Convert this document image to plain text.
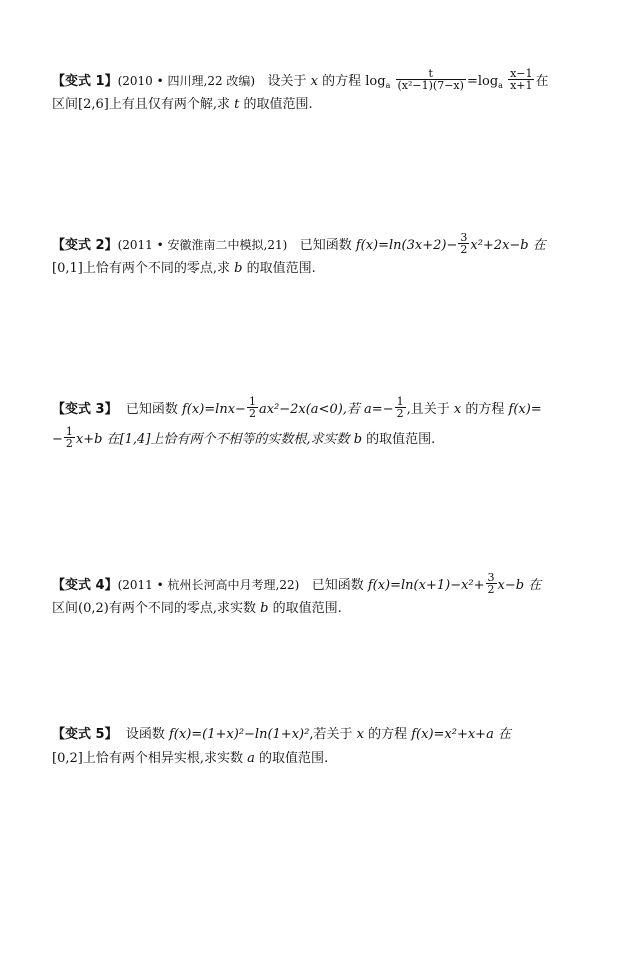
【变式 1】(2010 • 四川理,22 改编) 设关于 x 的方程 $\log_a \frac{t}{\text{(x²−1)(7−x)}} =\log_a \frac{x-1}{x+1}$ 在
区间[2,6]上有且仅有两个解,求 t 的取值范围.
【变式 2】(2011 • 安徽淮南二中模拟,21) 已知函数 $f(x)=\ln(3x+2)- \frac{3}{2} x^2+2x-b$ 在
[0,1]上恰有两个不同的零点,求 b 的取值范围.
【变式 3】 已知函数 $f(x)=\ln x- \frac{1}{2} ax^2-2x(a<0)$,若 $a=- \frac{1}{2}$ ,且关于 x 的方程 f(x)=
− $\frac{1}{2} x+b$ 在[1,4]上恰有两个不相等的实数根,求实数 b 的取值范围.
【变式 4】(2011 • 杭州长河高中月考理,22) 已知函数 $f(x)=\ln(x+1)-x^2+ \frac{3}{2} x-b$ 在
区间(0,2)有两个不同的零点,求实数 b 的取值范围.
【变式 5】 设函数 f(x)=(1+x)²−ln(1+x)²,若关于 x 的方程 f(x)=x²+x+a 在
[0,2]上恰有两个相异实根,求实数 a 的取值范围.
